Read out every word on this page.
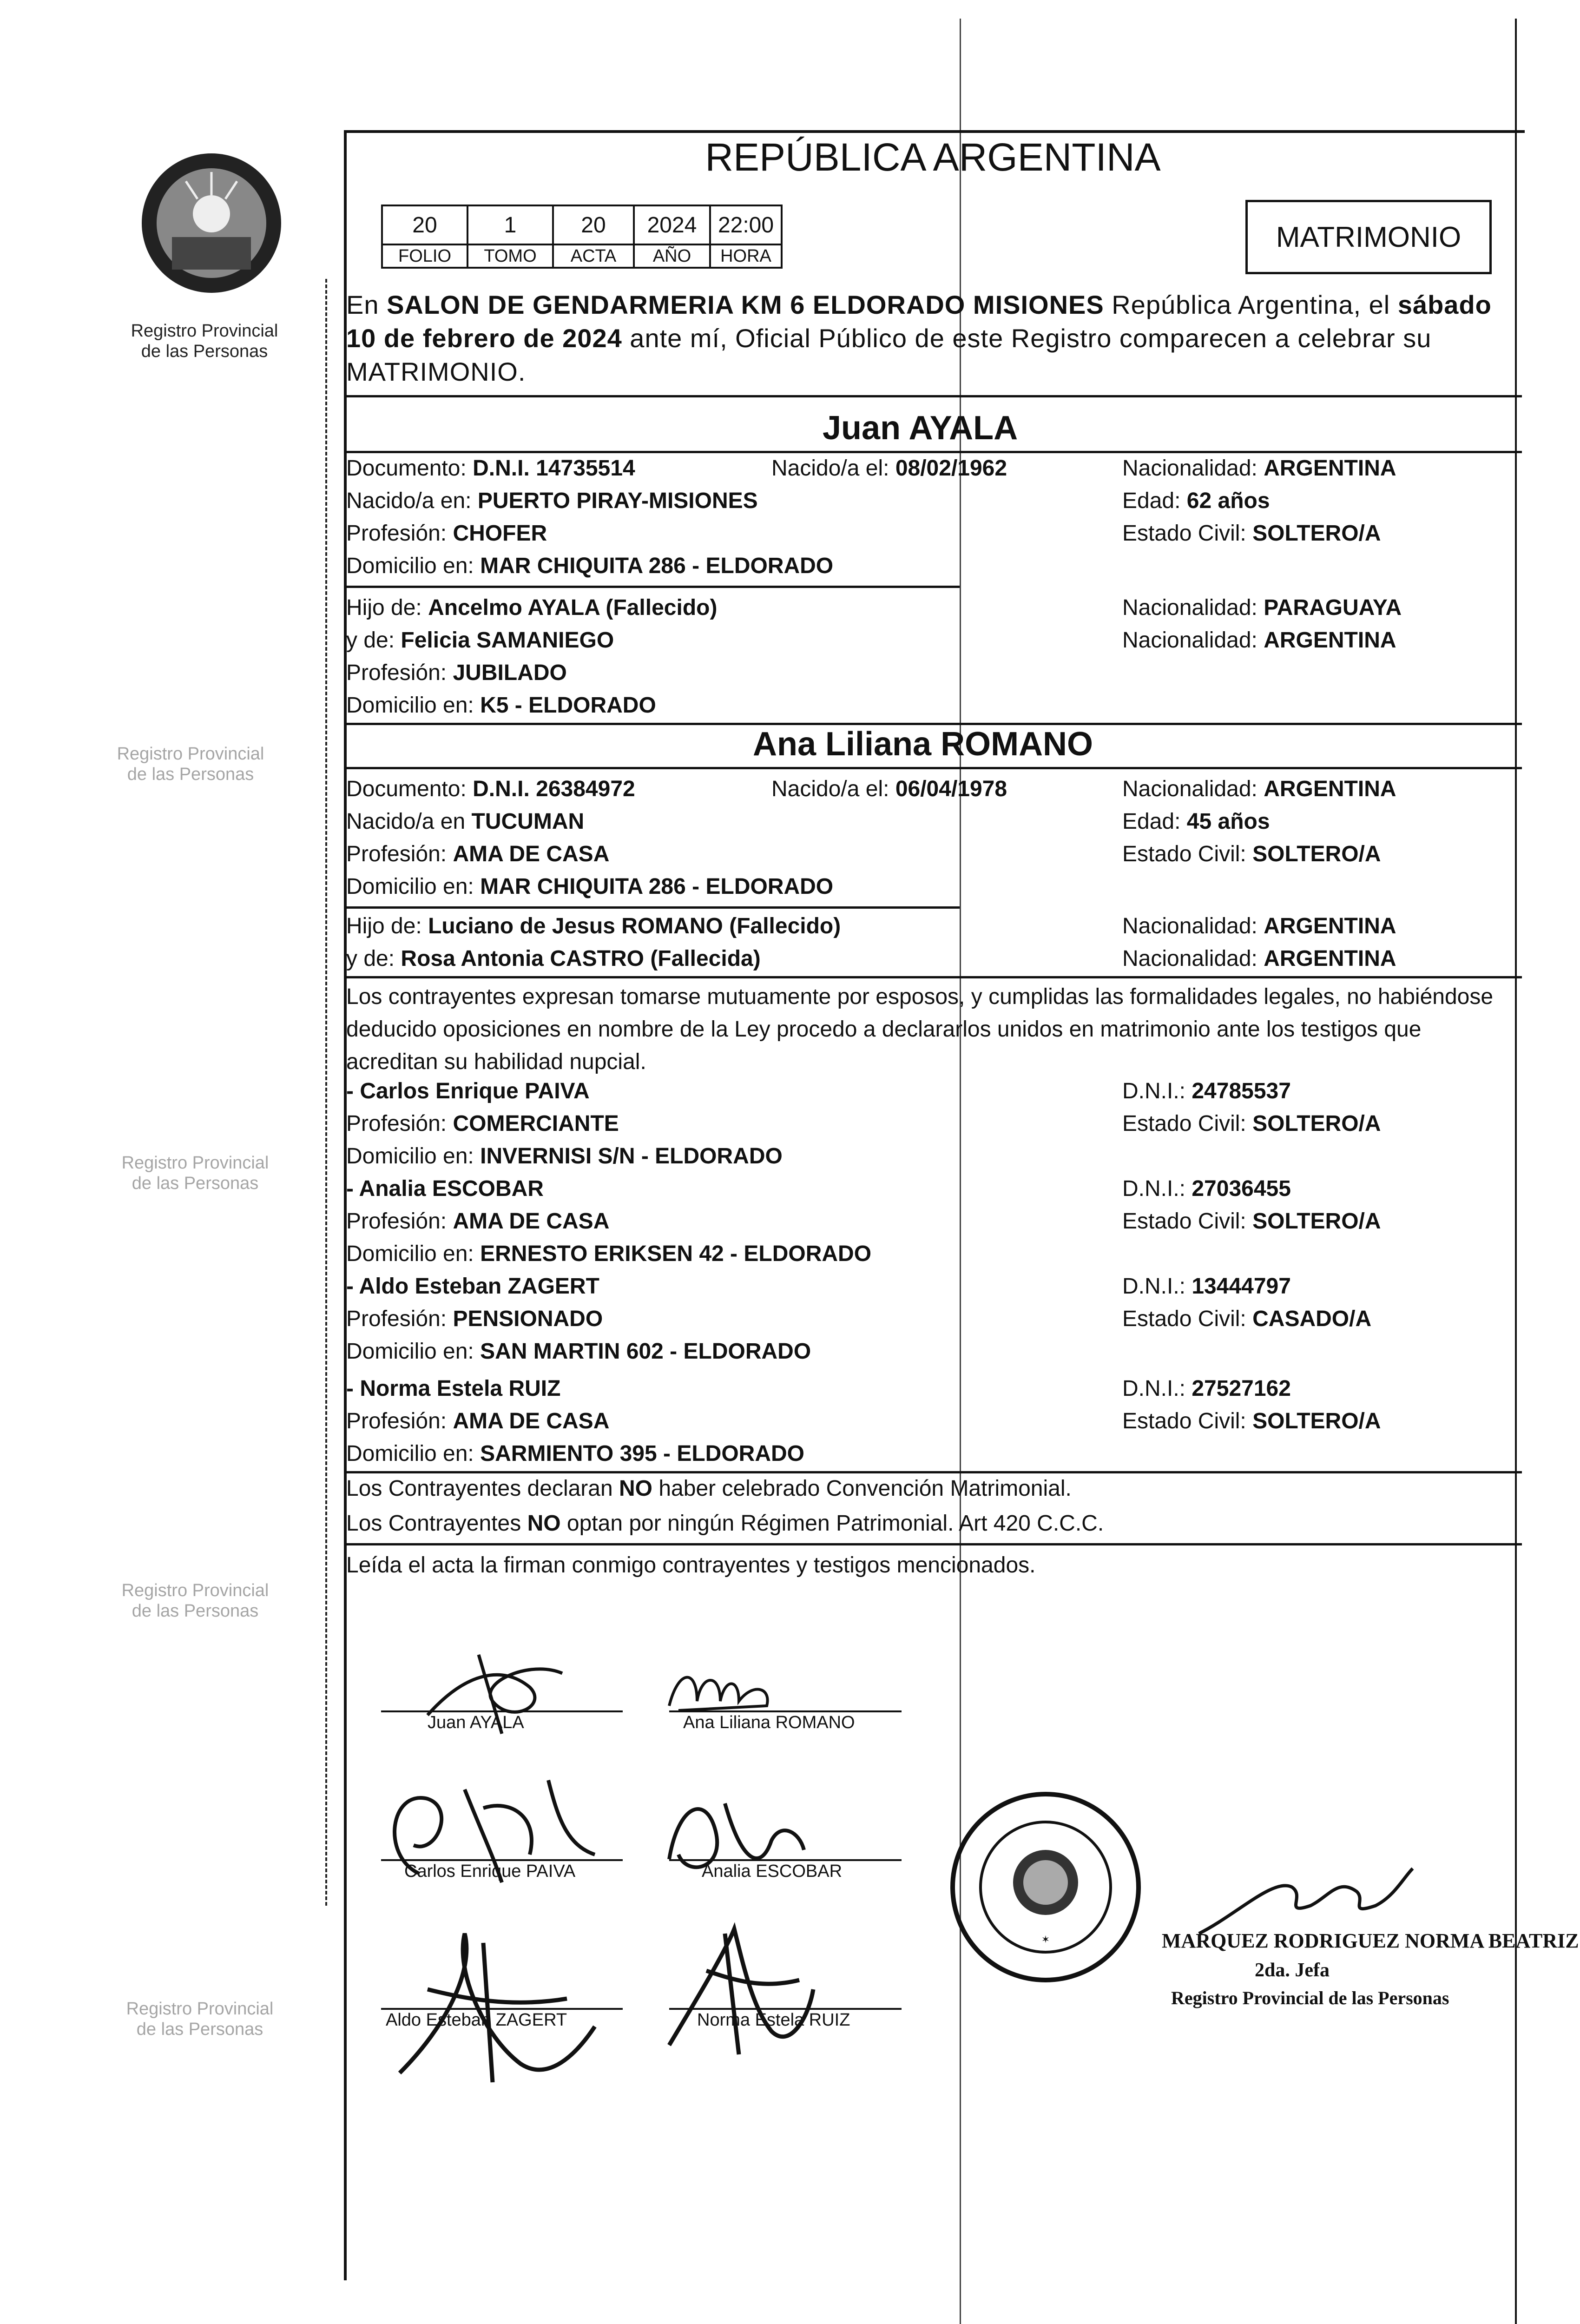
Registro Provincial
de las Personas
Registro Provincial
de las Personas
Registro Provincial
de las Personas
Registro Provincial
de las Personas
Registro Provincial
de las Personas
REPÚBLICA ARGENTINA
20	1	20	2024	22:00
FOLIO	TOMO	ACTA	AÑO	HORA
MATRIMONIO
En SALON DE GENDARMERIA KM 6 ELDORADO MISIONES República Argentina, el sábado 10 de febrero de 2024 ante mí, Oficial Público de este Registro comparecen a celebrar su MATRIMONIO.
Juan AYALA
Documento: D.N.I. 14735514	Nacido/a el: 08/02/1962	Nacionalidad: ARGENTINA
Nacido/a en: PUERTO PIRAY-MISIONES	Edad: 62 años
Profesión: CHOFER	Estado Civil: SOLTERO/A
Domicilio en: MAR CHIQUITA 286 - ELDORADO
Hijo de: Ancelmo AYALA (Fallecido)	Nacionalidad: PARAGUAYA
y de: Felicia SAMANIEGO	Nacionalidad: ARGENTINA
Profesión: JUBILADO
Domicilio en: K5 - ELDORADO
Ana Liliana ROMANO
Documento: D.N.I. 26384972	Nacido/a el: 06/04/1978	Nacionalidad: ARGENTINA
Nacido/a en TUCUMAN	Edad: 45 años
Profesión: AMA DE CASA	Estado Civil: SOLTERO/A
Domicilio en: MAR CHIQUITA 286 - ELDORADO
Hijo de: Luciano de Jesus ROMANO (Fallecido)	Nacionalidad: ARGENTINA
y de: Rosa Antonia CASTRO (Fallecida)	Nacionalidad: ARGENTINA
Los contrayentes expresan tomarse mutuamente por esposos, y cumplidas las formalidades legales, no habiéndose deducido oposiciones en nombre de la Ley procedo a declararlos unidos en matrimonio ante los testigos que acreditan su habilidad nupcial.
- Carlos Enrique PAIVA	D.N.I.: 24785537
Profesión: COMERCIANTE	Estado Civil: SOLTERO/A
Domicilio en: INVERNISI S/N - ELDORADO
- Analia ESCOBAR	D.N.I.: 27036455
Profesión: AMA DE CASA	Estado Civil: SOLTERO/A
Domicilio en: ERNESTO ERIKSEN 42 - ELDORADO
- Aldo Esteban ZAGERT	D.N.I.: 13444797
Profesión: PENSIONADO	Estado Civil: CASADO/A
Domicilio en: SAN MARTIN 602 - ELDORADO
- Norma Estela RUIZ	D.N.I.: 27527162
Profesión: AMA DE CASA	Estado Civil: SOLTERO/A
Domicilio en: SARMIENTO 395 - ELDORADO
Los Contrayentes declaran NO haber celebrado Convención Matrimonial.
Los Contrayentes NO optan por ningún Régimen Patrimonial. Art 420 C.C.C.
Leída el acta la firman conmigo contrayentes y testigos mencionados.
Juan AYALA	Ana Liliana ROMANO
Carlos Enrique PAIVA	Analia ESCOBAR
Aldo Esteban ZAGERT	Norma Estela RUIZ
✶	MARQUEZ RODRIGUEZ NORMA BEATRIZ
2da. Jefa
Registro Provincial de las Personas
